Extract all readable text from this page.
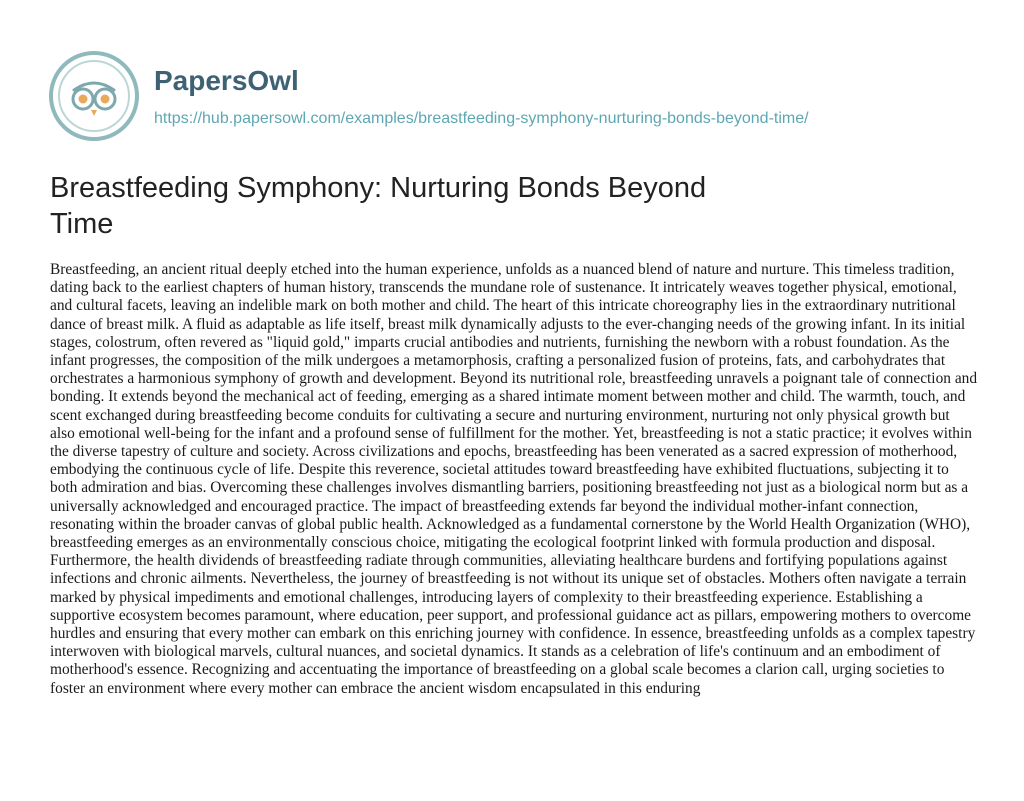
PapersOwl
https://hub.papersowl.com/examples/breastfeeding-symphony-nurturing-bonds-beyond-time/
Breastfeeding Symphony: Nurturing Bonds Beyond Time

Breastfeeding, an ancient ritual deeply etched into the human experience, unfolds as a nuanced blend of nature and nurture. This timeless tradition, dating back to the earliest chapters of human history, transcends the mundane role of sustenance. It intricately weaves together physical, emotional, and cultural facets, leaving an indelible mark on both mother and child. The heart of this intricate choreography lies in the extraordinary nutritional dance of breast milk. A fluid as adaptable as life itself, breast milk dynamically adjusts to the ever-changing needs of the growing infant. In its initial stages, colostrum, often revered as "liquid gold," imparts crucial antibodies and nutrients, furnishing the newborn with a robust foundation. As the infant progresses, the composition of the milk undergoes a metamorphosis, crafting a personalized fusion of proteins, fats, and carbohydrates that orchestrates a harmonious symphony of growth and development. Beyond its nutritional role, breastfeeding unravels a poignant tale of connection and bonding. It extends beyond the mechanical act of feeding, emerging as a shared intimate moment between mother and child. The warmth, touch, and scent exchanged during breastfeeding become conduits for cultivating a secure and nurturing environment, nurturing not only physical growth but also emotional well-being for the infant and a profound sense of fulfillment for the mother. Yet, breastfeeding is not a static practice; it evolves within the diverse tapestry of culture and society. Across civilizations and epochs, breastfeeding has been venerated as a sacred expression of motherhood, embodying the continuous cycle of life. Despite this reverence, societal attitudes toward breastfeeding have exhibited fluctuations, subjecting it to both admiration and bias. Overcoming these challenges involves dismantling barriers, positioning breastfeeding not just as a biological norm but as a universally acknowledged and encouraged practice. The impact of breastfeeding extends far beyond the individual mother-infant connection, resonating within the broader canvas of global public health. Acknowledged as a fundamental cornerstone by the World Health Organization (WHO), breastfeeding emerges as an environmentally conscious choice, mitigating the ecological footprint linked with formula production and disposal. Furthermore, the health dividends of breastfeeding radiate through communities, alleviating healthcare burdens and fortifying populations against infections and chronic ailments. Nevertheless, the journey of breastfeeding is not without its unique set of obstacles. Mothers often navigate a terrain marked by physical impediments and emotional challenges, introducing layers of complexity to their breastfeeding experience. Establishing a supportive ecosystem becomes paramount, where education, peer support, and professional guidance act as pillars, empowering mothers to overcome hurdles and ensuring that every mother can embark on this enriching journey with confidence. In essence, breastfeeding unfolds as a complex tapestry interwoven with biological marvels, cultural nuances, and societal dynamics. It stands as a celebration of life's continuum and an embodiment of motherhood's essence. Recognizing and accentuating the importance of breastfeeding on a global scale becomes a clarion call, urging societies to foster an environment where every mother can embrace the ancient wisdom encapsulated in this enduring
